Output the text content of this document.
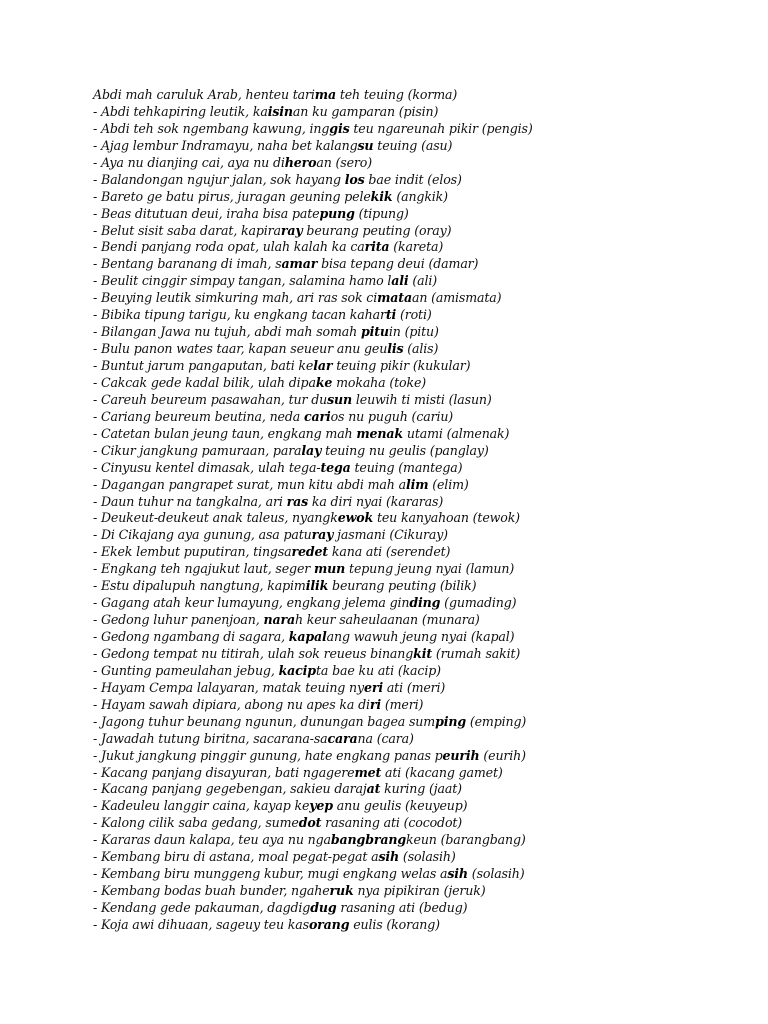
Abdi mah caruluk Arab, henteu tarima teh teuing (korma)
- Abdi tehkapiring leutik, kaisinan ku gamparan (pisin)
- Abdi teh sok ngembang kawung, inggis teu ngareunah pikir (pengis)
- Ajag lembur Indramayu, naha bet kalangsu teuing (asu)
- Aya nu dianjing cai, aya nu diheroan (sero)
- Balandongan ngujur jalan, sok hayang los bae indit (elos)
- Bareto ge batu pirus, juragan geuning pelekik (angkik)
- Beas ditutuan deui, iraha bisa patepung (tipung)
- Belut sisit saba darat, kapiraray beurang peuting (oray)
- Bendi panjang roda opat, ulah kalah ka carita (kareta)
- Bentang baranang di imah, samar bisa tepang deui (damar)
- Beulit cinggir simpay tangan, salamina hamo lali (ali)
- Beuying leutik simkuring mah, ari ras sok cimataan (amismata)
- Bibika tipung tarigu, ku engkang tacan kaharti (roti)
- Bilangan Jawa nu tujuh, abdi mah somah pituin (pitu)
- Bulu panon wates taar, kapan seueur anu geulis (alis)
- Buntut jarum pangaputan, bati kelar teuing pikir (kukular)
- Cakcak gede kadal bilik, ulah dipake mokaha (toke)
- Careuh beureum pasawahan, tur dusun leuwih ti misti (lasun)
- Cariang beureum beutina, neda carios nu puguh (cariu)
- Catetan bulan jeung taun, engkang mah menak utami (almenak)
- Cikur jangkung pamuraan, paralay teuing nu geulis (panglay)
- Cinyusu kentel dimasak, ulah tega-tega teuing (mantega)
- Dagangan pangrapet surat, mun kitu abdi mah alim (elim)
- Daun tuhur na tangkalna, ari ras ka diri nyai (kararas)
- Deukeut-deukeut anak taleus, nyangkewok teu kanyahoan (tewok)
- Di Cikajang aya gunung, asa paturay jasmani (Cikuray)
- Ekek lembut puputiran, tingsaredet kana ati (serendet)
- Engkang teh ngajukut laut, seger mun tepung jeung nyai (lamun)
- Estu dipalupuh nangtung, kapimilik beurang peuting (bilik)
- Gagang atah keur lumayung, engkang jelema ginding (gumading)
- Gedong luhur panenjoan, narah keur saheulaanan (munara)
- Gedong ngambang di sagara, kapalang wawuh jeung nyai (kapal)
- Gedong tempat nu titirah, ulah sok reueus binangkit (rumah sakit)
- Gunting pameulahan jebug, kacipta bae ku ati (kacip)
- Hayam Cempa lalayaran, matak teuing nyeri ati (meri)
- Hayam sawah dipiara, abong nu apes ka diri (meri)
- Jagong tuhur beunang ngunun, dunungan bagea sumping (emping)
- Jawadah tutung biritna, sacarana-sacarana (cara)
- Jukut jangkung pinggir gunung, hate engkang panas peurih (eurih)
- Kacang panjang disayuran, bati ngageremet ati (kacang gamet)
- Kacang panjang gegebengan, sakieu darajat kuring (jaat)
- Kadeuleu langgir caina, kayap keyep anu geulis (keuyeup)
- Kalong cilik saba gedang, sumedot rasaning ati (cocodot)
- Kararas daun kalapa, teu aya nu ngabangbrangkeun (barangbang)
- Kembang biru di astana, moal pegat-pegat asih (solasih)
- Kembang biru munggeng kubur, mugi engkang welas asih (solasih)
- Kembang bodas buah bunder, ngaheruk nya pipikiran (jeruk)
- Kendang gede pakauman, dagdigdug rasaning ati (bedug)
- Koja awi dihuaan, sageuy teu kasorang eulis (korang)
